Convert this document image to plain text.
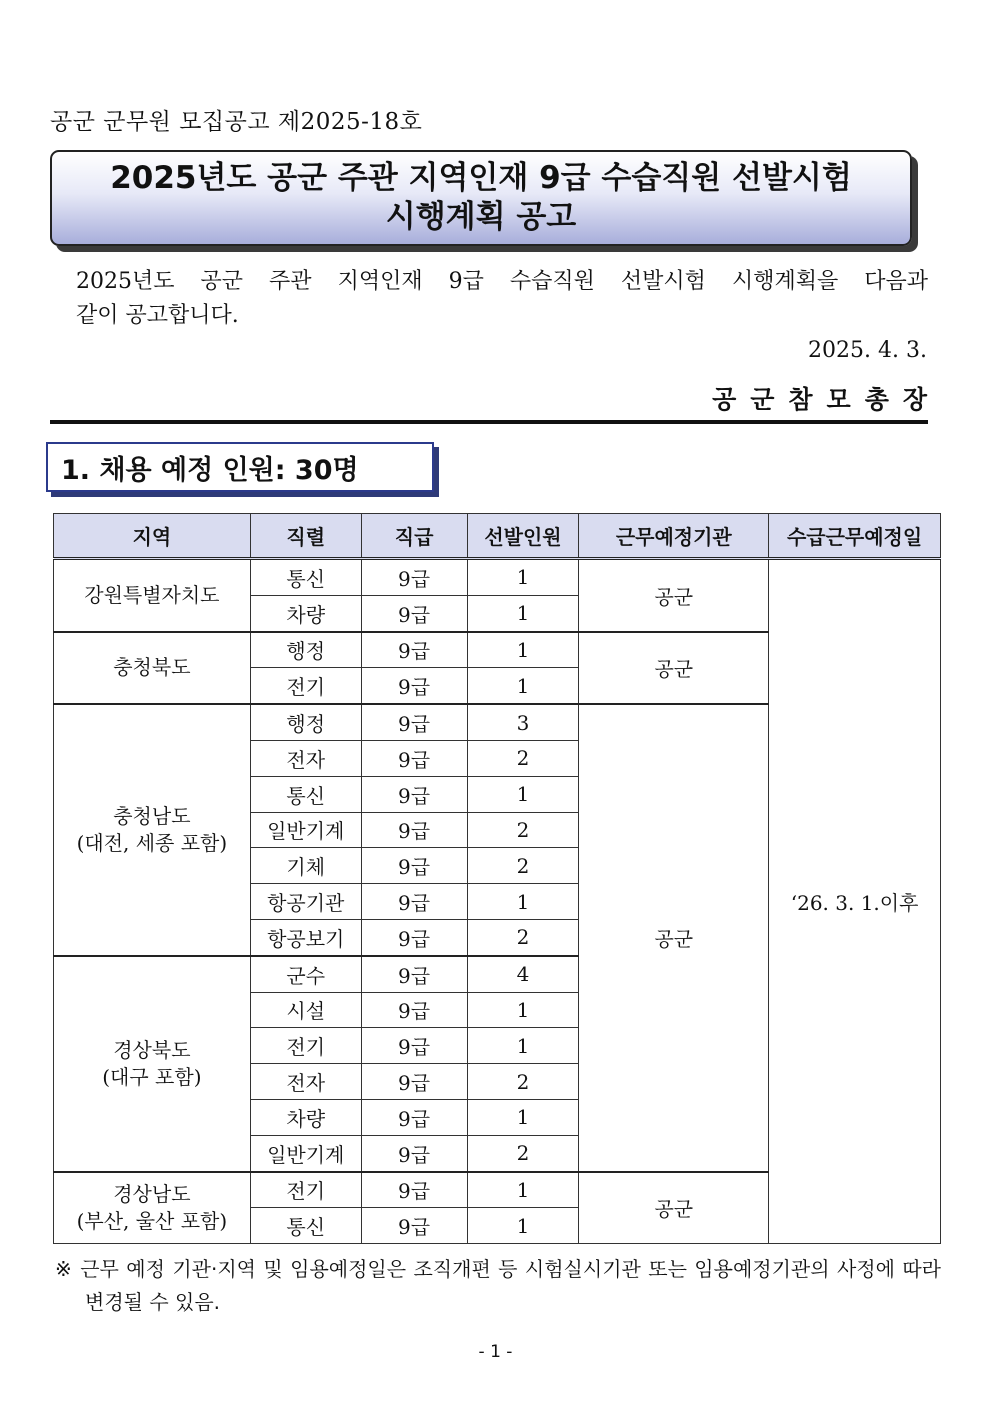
공군 군무원 모집공고 제2025-18호
2025년도 공군 주관 지역인재 9급 수습직원 선발시험
시행계획 공고
2025년도 공군 주관 지역인재 9급 수습직원 선발시험 시행계획을 다음과
같이 공고합니다.
2025. 4. 3.
공군참모총장
1. 채용 예정 인원: 30명
지역	직렬	직급	선발인원	근무예정기관	수급근무예정일

강원특별자치도	통신	9급	1	공군	‘26. 3. 1.이후
	차량	9급	1		

충청북도	행정	9급	1	공군	
	전기	9급	1		

충청남도
(대전, 세종 포함)	행정	9급	3	공군	
	전자	9급	2		
	통신	9급	1		
	일반기계	9급	2		
	기체	9급	2		
	항공기관	9급	1		
	항공보기	9급	2		

경상북도
(대구 포함)	군수	9급	4		
	시설	9급	1		
	전기	9급	1		
	전자	9급	2		
	차량	9급	1		
	일반기계	9급	2		

경상남도
(부산, 울산 포함)	전기	9급	1	공군	
	통신	9급	1		
※ 근무 예정 기관·지역 및 임용예정일은 조직개편 등 시험실시기관 또는 임용예정기관의 사정에 따라 변경될 수 있음.
- 1 -
